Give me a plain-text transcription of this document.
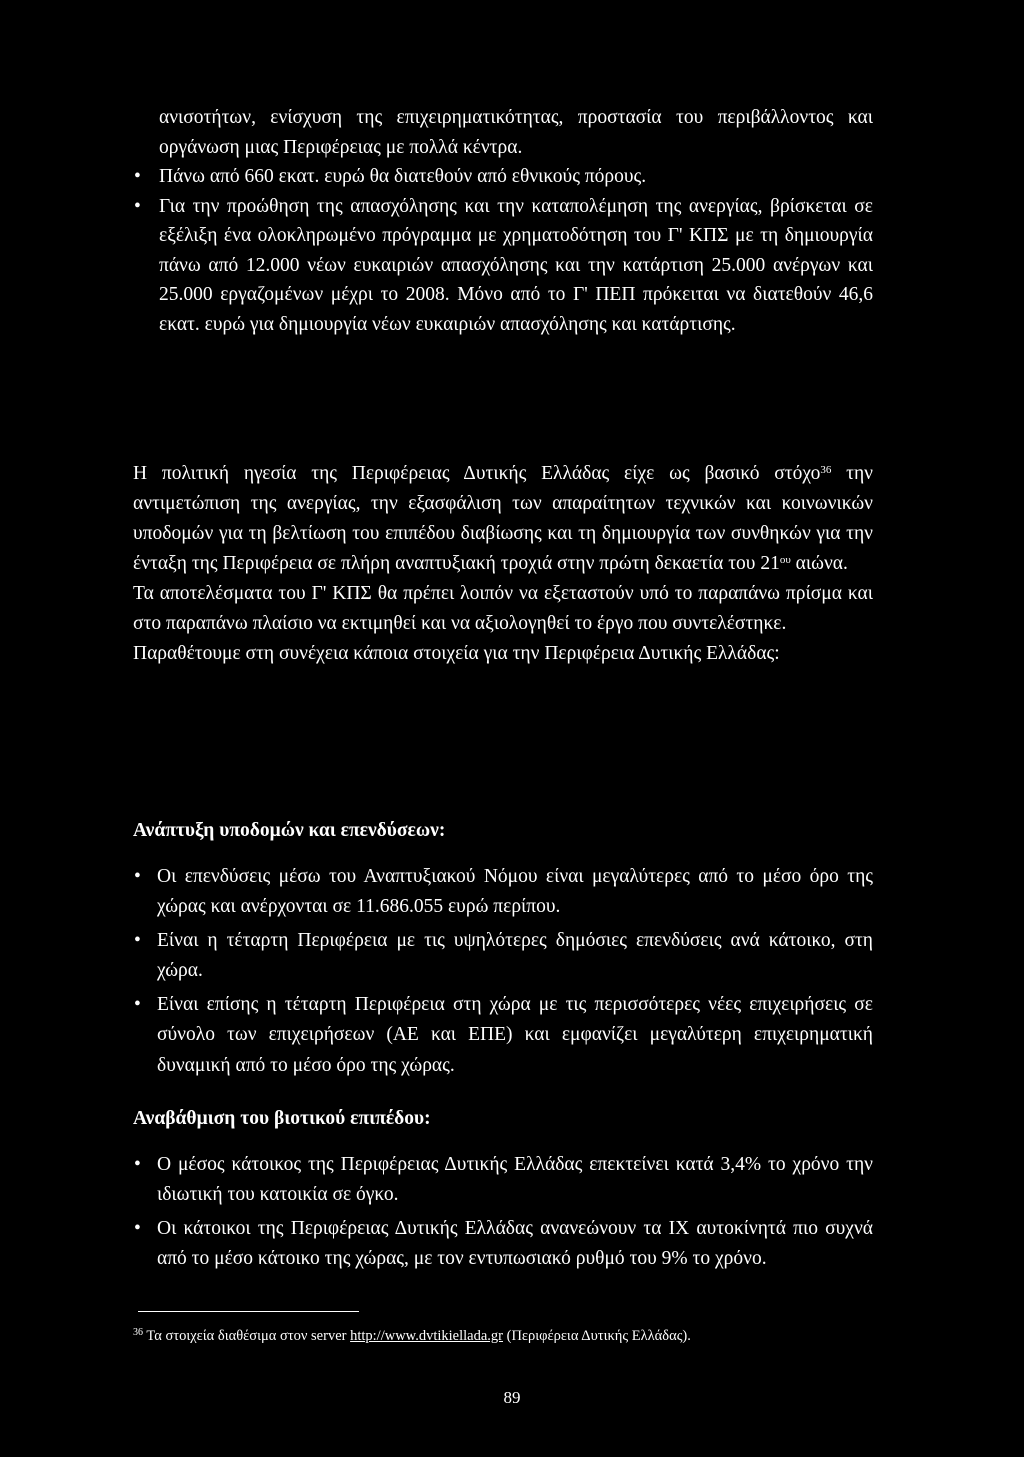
ανισοτήτων, ενίσχυση της επιχειρηματικότητας, προστασία του περιβάλλοντος και οργάνωση μιας Περιφέρειας με πολλά κέντρα.
• Πάνω από 660 εκατ. ευρώ θα διατεθούν από εθνικούς πόρους.
• Για την προώθηση της απασχόλησης και την καταπολέμηση της ανεργίας, βρίσκεται σε εξέλιξη ένα ολοκληρωμένο πρόγραμμα με χρηματοδότηση του Γ' ΚΠΣ με τη δημιουργία πάνω από 12.000 νέων ευκαιριών απασχόλησης και την κατάρτιση 25.000 ανέργων και 25.000 εργαζομένων μέχρι το 2008. Μόνο από το Γ' ΠΕΠ πρόκειται να διατεθούν 46,6 εκατ. ευρώ για δημιουργία νέων ευκαιριών απασχόλησης και κατάρτισης.

Η πολιτική ηγεσία της Περιφέρειας Δυτικής Ελλάδας είχε ως βασικό στόχο$^{36}$ την αντιμετώπιση της ανεργίας, την εξασφάλιση των απαραίτητων τεχνικών και κοινωνικών υποδομών για τη βελτίωση του επιπέδου διαβίωσης και τη δημιουργία των συνθηκών για την ένταξη της Περιφέρεια σε πλήρη αναπτυξιακή τροχιά στην πρώτη δεκαετία του $21^{o\upsilon}$ αιώνα.

Τα αποτελέσματα του Γ' ΚΠΣ θα πρέπει λοιπόν να εξεταστούν υπό το παραπάνω πρίσμα και στο παραπάνω πλαίσιο να εκτιμηθεί και να αξιολογηθεί το έργο που συντελέστηκε.

Παραθέτουμε στη συνέχεια κάποια στοιχεία για την Περιφέρεια Δυτικής Ελλάδας:

Ανάπτυξη υποδομών και επενδύσεων:

• Οι επενδύσεις μέσω του Αναπτυξιακού Νόμου είναι μεγαλύτερες από το μέσο όρο της χώρας και ανέρχονται σε 11.686.055 ευρώ περίπου.
• Είναι η τέταρτη Περιφέρεια με τις υψηλότερες δημόσιες επενδύσεις ανά κάτοικο, στη χώρα.
• Είναι επίσης η τέταρτη Περιφέρεια στη χώρα με τις περισσότερες νέες επιχειρήσεις σε σύνολο των επιχειρήσεων (ΑΕ και ΕΠΕ) και εμφανίζει μεγαλύτερη επιχειρηματική δυναμική από το μέσο όρο της χώρας.

Αναβάθμιση του βιοτικού επιπέδου:

• Ο μέσος κάτοικος της Περιφέρειας Δυτικής Ελλάδας επεκτείνει κατά 3,4% το χρόνο την ιδιωτική του κατοικία σε όγκο.
• Οι κάτοικοι της Περιφέρειας Δυτικής Ελλάδας ανανεώνουν τα ΙΧ αυτοκίνητά πιο συχνά από το μέσο κάτοικο της χώρας, με τον εντυπωσιακό ρυθμό του 9% το χρόνο.
$^{36}$ Τα στοιχεία διαθέσιμα στον server http://www.dvtikiellada.gr (Περιφέρεια Δυτικής Ελλάδας).
89
